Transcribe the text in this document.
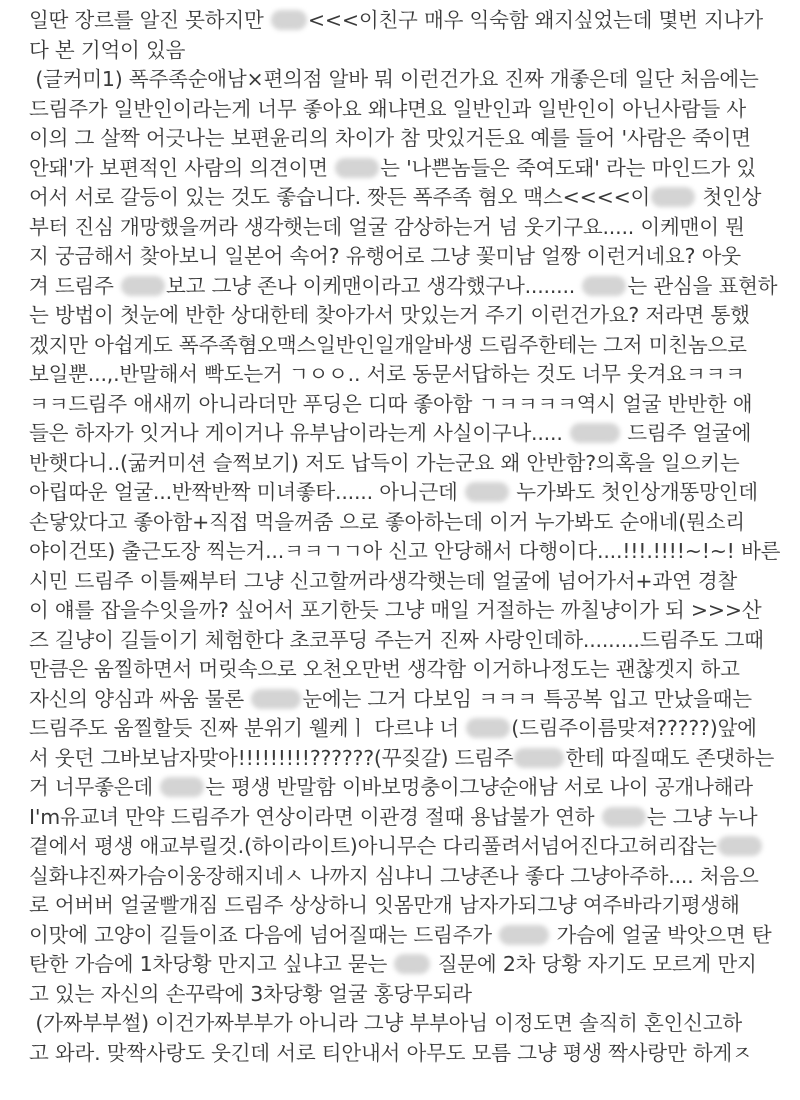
일딴 장르를 알진 못하지만 <<<이친구 매우 익숙함 왜지싶었는데 몇번 지나가
다 본 기억이 있음
(글커미1) 폭주족순애남×편의점 알바 뭐 이런건가요 진짜 개좋은데 일단 처음에는
드림주가 일반인이라는게 너무 좋아요 왜냐면요 일반인과 일반인이 아닌사람들 사
이의 그 살짝 어긋나는 보편윤리의 차이가 참 맛있거든요 예를 들어 '사람은 죽이면
안돼'가 보편적인 사람의 의견이면 는 '나쁜놈들은 죽여도돼' 라는 마인드가 있
어서 서로 갈등이 있는 것도 좋습니다. 짯든 폭주족 혐오 맥스<<<<이 첫인상
부터 진심 개망했을꺼라 생각햇는데 얼굴 감상하는거 넘 웃기구요..... 이케맨이 뭔
지 궁금해서 찾아보니 일본어 속어? 유행어로 그냥 꽃미남 얼짱 이런거네요? 아웃
겨 드림주 보고 그냥 존나 이케맨이라고 생각했구나........ 는 관심을 표현하
는 방법이 첫눈에 반한 상대한테 찾아가서 맛있는거 주기 이런건가요? 저라면 통했
겠지만 아쉽게도 폭주족혐오맥스일반인일개알바생 드림주한테는 그저 미친놈으로
보일뿐...,.반말해서 빡도는거 ㄱㅇㅇ.. 서로 동문서답하는 것도 너무 웃겨요ㅋㅋㅋ
ㅋㅋ드림주 애새끼 아니라더만 푸딩은 디따 좋아함 ㄱㅋㅋㅋㅋ역시 얼굴 반반한 애
들은 하자가 잇거나 게이거나 유부남이라는게 사실이구나.....	드림주 얼굴에
반햇다니..(굶커미션 슬쩍보기) 저도 납득이 가는군요 왜 안반함?의혹을 일으키는
아립따운 얼굴...반짝반짝 미녀좋타...... 아니근데  누가봐도 첫인상개똥망인데
손닿았다고 좋아함+직접 먹을꺼줌 으로 좋아하는데 이거 누가봐도 순애네(뭔소리
야이건또) 출근도장 찍는거...ㅋㅋㄱㄱ아 신고 안당해서 다행이다....!!!.!!!!~!~! 바른
시민 드림주 이틀째부터 그냥 신고할꺼라생각햇는데 얼굴에 넘어가서+과연 경찰
이 얘를 잡을수잇을까? 싶어서 포기한듯 그냥 매일 거절하는 까칠냥이가 되 >>>산
즈 길냥이 길들이기 체험한다 초코푸딩 주는거 진짜 사랑인데하.........드림주도 그때
만큼은 움찔하면서 머릿속으로 오천오만번 생각함 이거하나정도는 괜찮겟지 하고
자신의 양심과 싸움 물론	눈에는 그거 다보임 ㅋㅋㅋ 특공복 입고 만났을때는
드림주도 움찔할듯 진짜 분위기 웰케ㅣ 다르냐 너 (드림주이름맞져?????)앞에
서 웃던 그바보남자맞아!!!!!!!!!??????(꾸짖갈) 드림주	한테 따질때도 존댓하는
거 너무좋은데 는 평생 반말함 이바보멍충이그냥순애남 서로 나이 공개나해라
I'm유교녀 만약 드림주가 연상이라면 이관경 절때 용납불가 연하 는 그냥 누나
곁에서 평생 애교부릴것.(하이라이트)아니무슨 다리풀려서넘어진다고허리잡는
실화냐진짜가슴이웅장해지네ㅅ 나까지 심냐니 그냥존나 좋다 그냥아주하.... 처음으
로 어버버 얼굴빨개짐 드림주 상상하니 잇몸만개 남자가되그냥 여주바라기평생해
이맛에 고양이 길들이죠 다음에 넘어질때는 드림주가	가슴에 얼굴 박앗으면 탄
탄한 가슴에 1차당황 만지고 싶냐고 묻는  질문에 2차 당황 자기도 모르게 만지
고 있는 자신의 손꾸락에 3차당황 얼굴 홍당무되라
(가짜부부썰) 이건가짜부부가 아니라 그냥 부부아님 이정도면 솔직히 혼인신고하
고 와라. 맞짝사랑도 웃긴데 서로 티안내서 아무도 모름 그냥 평생 짝사랑만 하게ㅈ
